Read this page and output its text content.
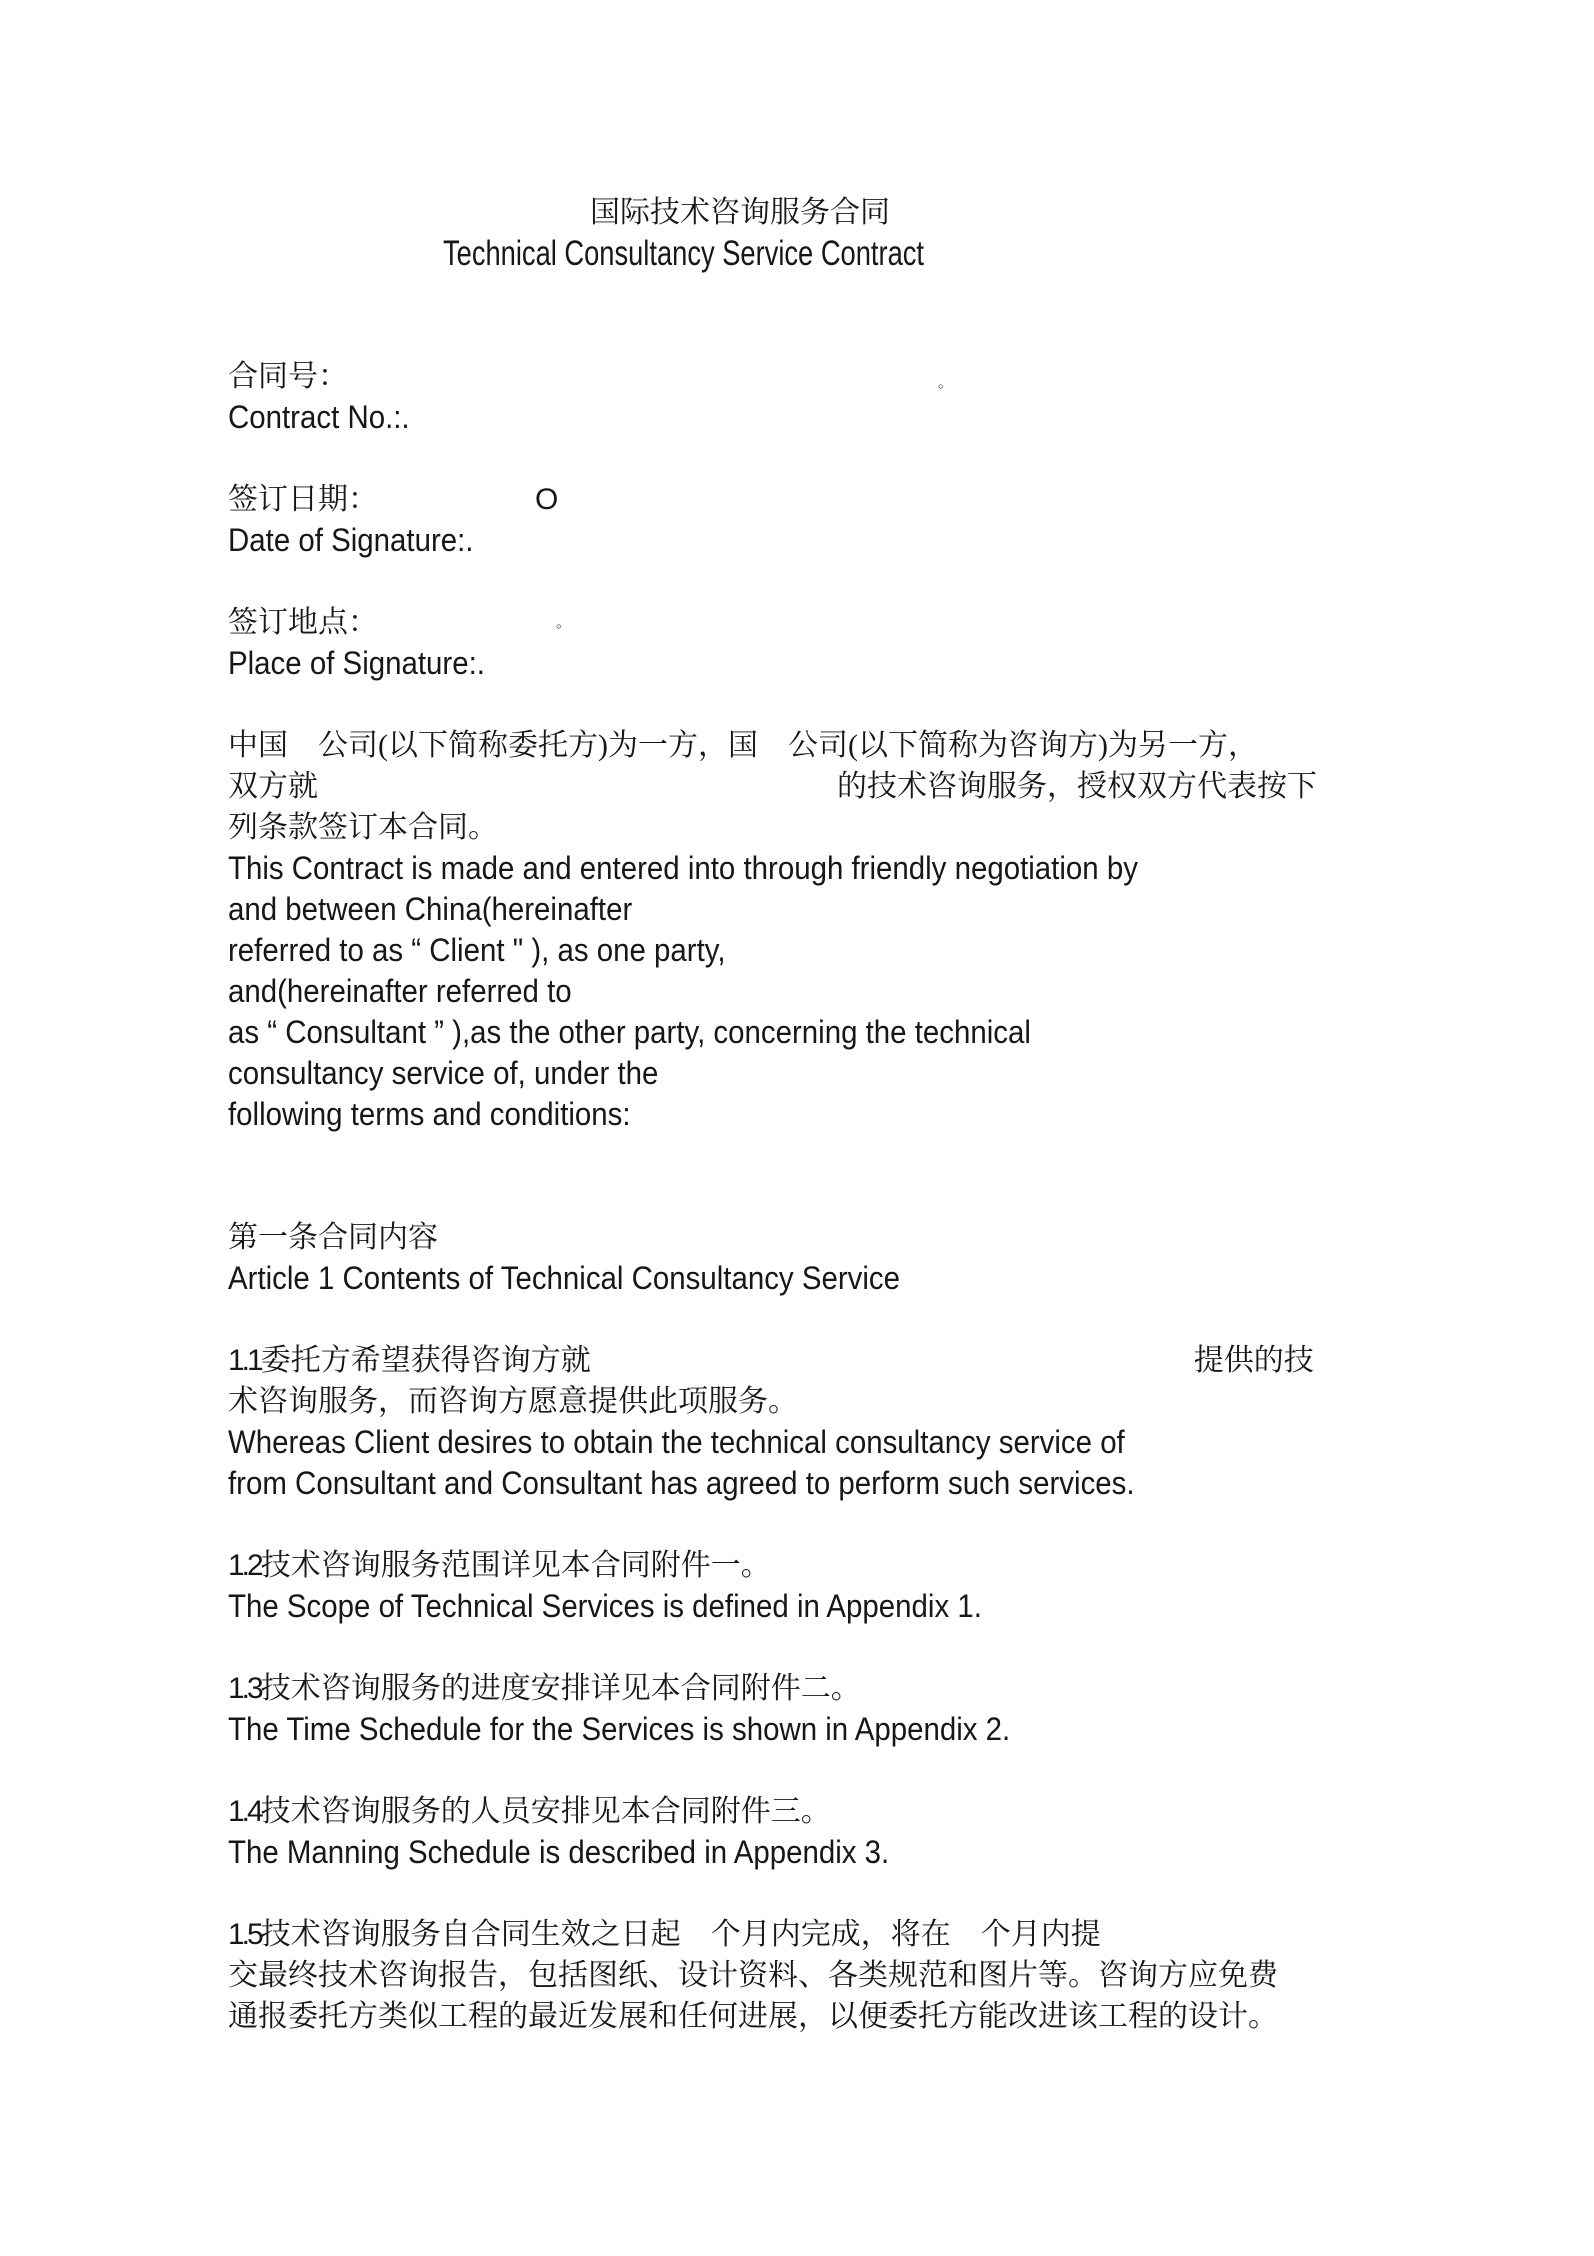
国际技术咨询服务合同
Technical Consultancy Service Contract
合同号：	。
Contract No.:.
签订日期：	O
Date of Signature:.
签订地点：	。
Place of Signature:.
中国　公司(以下简称委托方)为一方，国　公司(以下简称为咨询方)为另一方，
双方就	的技术咨询服务，授权双方代表按下
列条款签订本合同。
This Contract is made and entered into through friendly negotiation by
and between China(hereinafter
referred to as “ Client " ), as one party,
and(hereinafter referred to
as “ Consultant ” ),as the other party, concerning the technical
consultancy service of, under the
following terms and conditions:
第一条合同内容
Article 1 Contents of Technical Consultancy Service
1.1委托方希望获得咨询方就	提供的技
术咨询服务，而咨询方愿意提供此项服务。
Whereas Client desires to obtain the technical consultancy service of
from Consultant and Consultant has agreed to perform such services.
1.2技术咨询服务范围详见本合同附件一。
The Scope of Technical Services is defined in Appendix 1.
1.3技术咨询服务的进度安排详见本合同附件二。
The Time Schedule for the Services is shown in Appendix 2.
1.4技术咨询服务的人员安排见本合同附件三。
The Manning Schedule is described in Appendix 3.
1.5技术咨询服务自合同生效之日起　个月内完成，将在　个月内提
交最终技术咨询报告，包括图纸、设计资料、各类规范和图片等。咨询方应免费
通报委托方类似工程的最近发展和任何进展，以便委托方能改进该工程的设计。
